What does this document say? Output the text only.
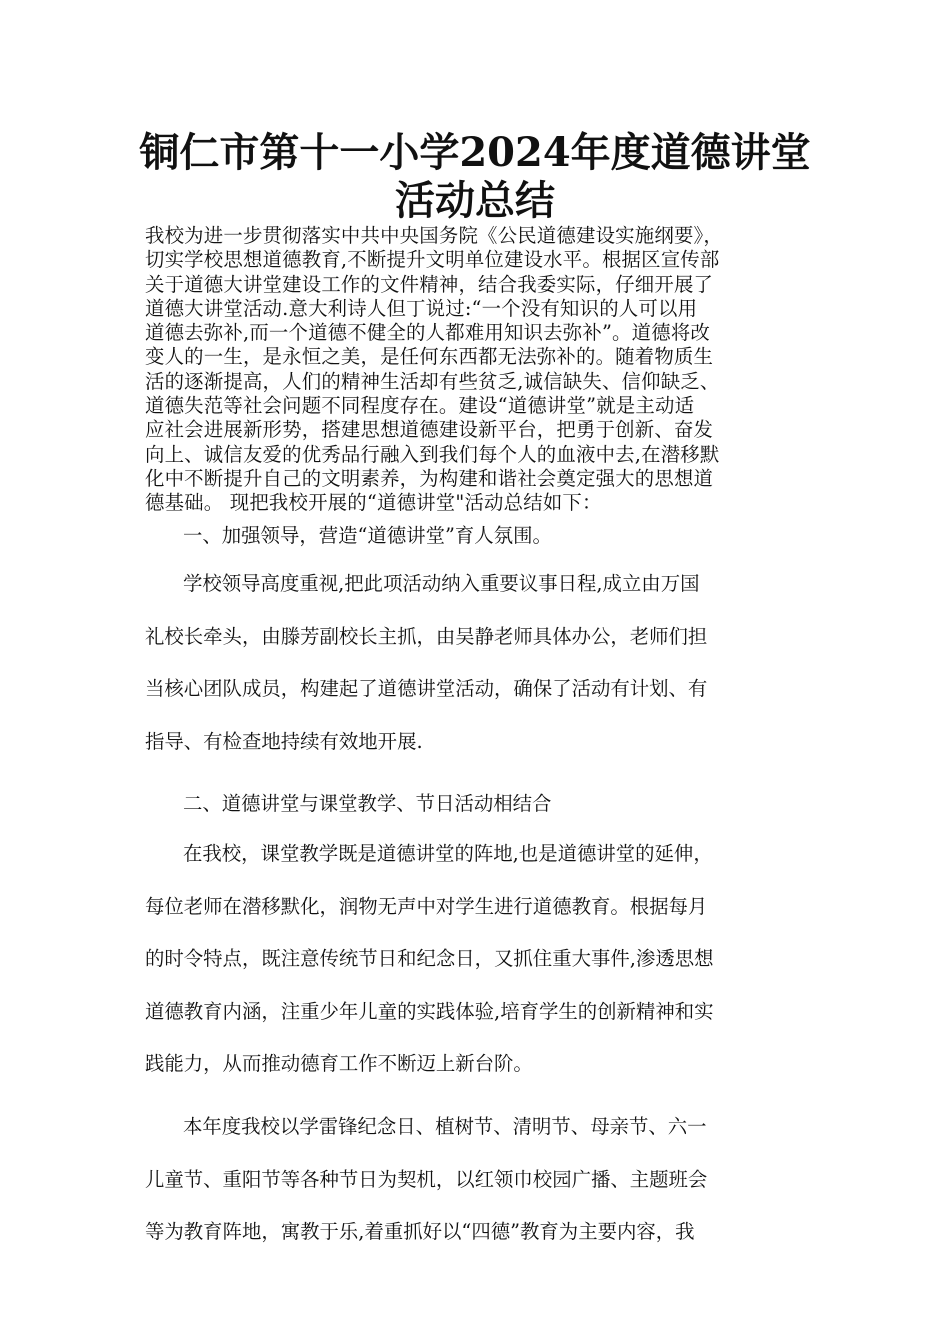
铜仁市第十一小学2024年度道德讲堂
活动总结
我校为进一步贯彻落实中共中央国务院《公民道德建设实施纲要》，
切实学校思想道德教育,不断提升文明单位建设水平。根据区宣传部
关于道德大讲堂建设工作的文件精神，结合我委实际，仔细开展了
道德大讲堂活动.意大利诗人但丁说过:“一个没有知识的人可以用
道德去弥补,而一个道德不健全的人都难用知识去弥补”。道德将改
变人的一生，是永恒之美，是任何东西都无法弥补的。随着物质生
活的逐渐提高，人们的精神生活却有些贫乏,诚信缺失、信仰缺乏、
道德失范等社会问题不同程度存在。建设“道德讲堂”就是主动适
应社会进展新形势，搭建思想道德建设新平台，把勇于创新、奋发
向上、诚信友爱的优秀品行融入到我们每个人的血液中去,在潜移默
化中不断提升自己的文明素养，为构建和谐社会奠定强大的思想道
德基础。 现把我校开展的“道德讲堂"活动总结如下：
一、加强领导，营造“道德讲堂”育人氛围。
学校领导高度重视,把此项活动纳入重要议事日程,成立由万国
礼校长牵头，由滕芳副校长主抓，由吴静老师具体办公，老师们担
当核心团队成员，构建起了道德讲堂活动，确保了活动有计划、有
指导、有检查地持续有效地开展.
二、道德讲堂与课堂教学、节日活动相结合
在我校，课堂教学既是道德讲堂的阵地,也是道德讲堂的延伸，
每位老师在潜移默化，润物无声中对学生进行道德教育。根据每月
的时令特点，既注意传统节日和纪念日，又抓住重大事件,渗透思想
道德教育内涵，注重少年儿童的实践体验,培育学生的创新精神和实
践能力，从而推动德育工作不断迈上新台阶。
本年度我校以学雷锋纪念日、植树节、清明节、母亲节、六一
儿童节、重阳节等各种节日为契机，以红领巾校园广播、主题班会
等为教育阵地，寓教于乐,着重抓好以“四德”教育为主要内容，我
